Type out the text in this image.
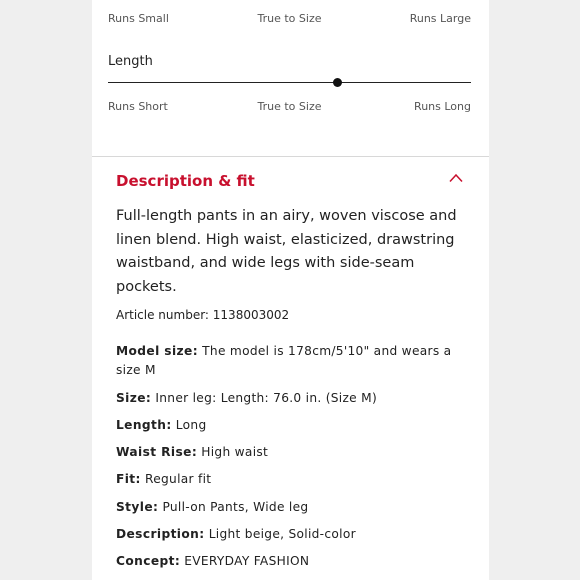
Runs Small	True to Size	Runs Large
Length
Runs Short	True to Size	Runs Long
Description & fit

Full-length pants in an airy, woven viscose and linen blend. High waist, elasticized, drawstring waistband, and wide legs with side-seam pockets.

Article number: 1138003002
Model size: The model is 178cm/5'10" and wears a size M
Size: Inner leg: Length: 76.0 in. (Size M)
Length: Long
Waist Rise: High waist
Fit: Regular fit
Style: Pull-on Pants, Wide leg
Description: Light beige, Solid-color
Concept: EVERYDAY FASHION
